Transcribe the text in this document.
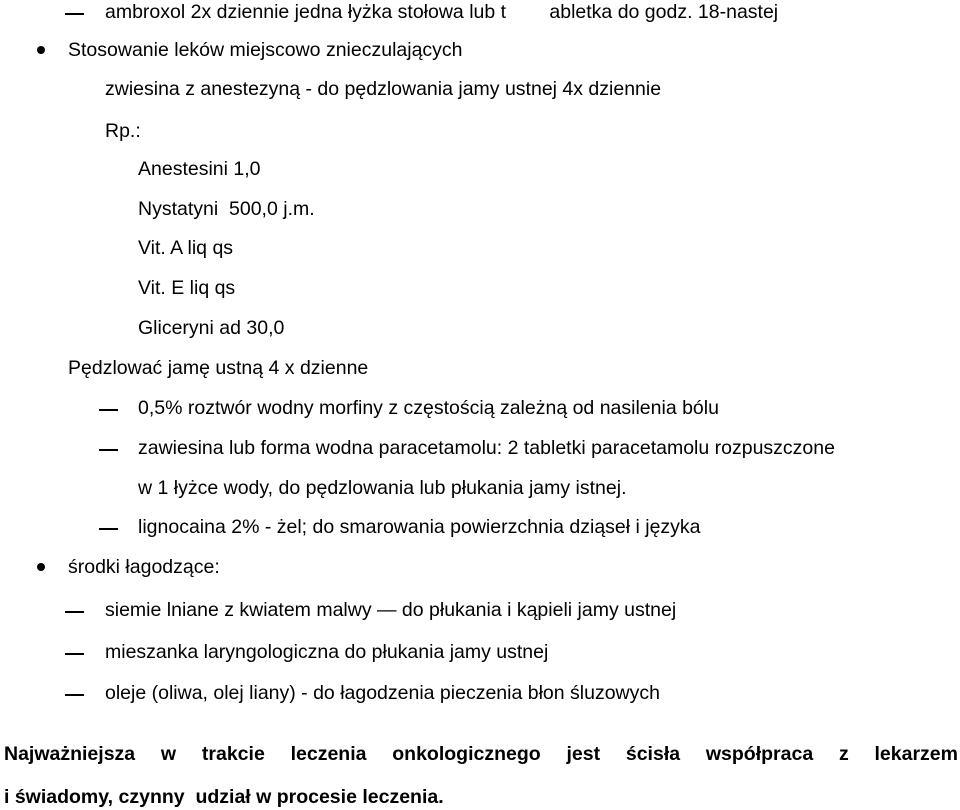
ambroxol 2x dziennie jedna łyżka stołowa lub t        abletka do godz. 18-nastej

Stosowanie leków miejscowo znieczulających

zwiesina z anestezyną - do pędzlowania jamy ustnej 4x dziennie

Rp.:

Anestesini 1,0

Nystatyni  500,0 j.m.

Vit. A liq qs

Vit. E liq qs

Gliceryni ad 30,0

Pędzlować jamę ustną 4 x dzienne

0,5% roztwór wodny morfiny z częstością zależną od nasilenia bólu

zawiesina lub forma wodna paracetamolu: 2 tabletki paracetamolu rozpuszczone

w 1 łyżce wody, do pędzlowania lub płukania jamy istnej.

lignocaina 2% - żel; do smarowania powierzchnia dziąseł i języka

środki łagodzące:

siemie lniane z kwiatem malwy — do płukania i kąpieli jamy ustnej

mieszanka laryngologiczna do płukania jamy ustnej

oleje (oliwa, olej liany) - do łagodzenia pieczenia błon śluzowych

Najważniejsza w trakcie leczenia onkologicznego jest ścisła współpraca z lekarzem

i świadomy, czynny  udział w procesie leczenia.
